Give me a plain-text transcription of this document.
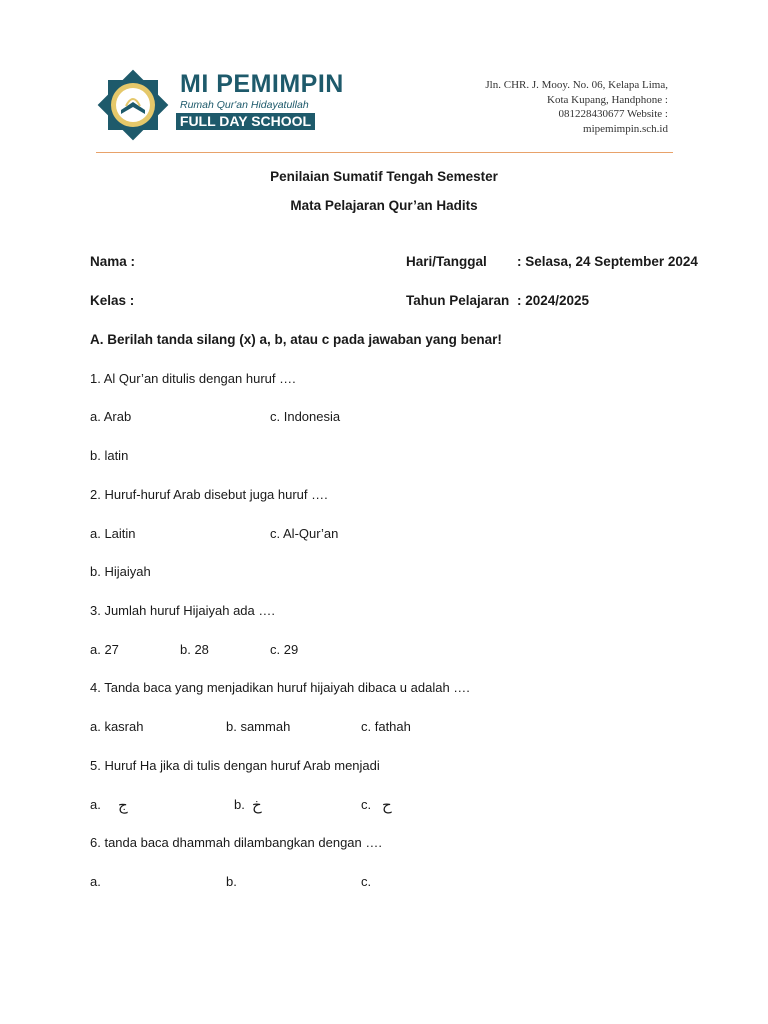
MI PEMIMPIN
Rumah Qur'an Hidayatullah
FULL DAY SCHOOL
Jln. CHR. J. Mooy. No. 06, Kelapa Lima,
Kota Kupang, Handphone :
081228430677 Website :
mipemimpin.sch.id
Penilaian Sumatif Tengah Semester
Mata Pelajaran Qur’an Hadits
Nama :	Hari/Tanggal : Selasa, 24 September 2024
Kelas :	Tahun Pelajaran : 2024/2025
A. Berilah tanda silang (x) a, b, atau c pada jawaban yang benar!
1. Al Qur’an ditulis dengan huruf ….
a. Arab	c. Indonesia
b. latin
2. Huruf-huruf Arab disebut juga huruf ….
a. Laitin	c. Al-Qur’an
b. Hijaiyah
3. Jumlah huruf Hijaiyah ada ….
a. 27	b. 28	c. 29
4. Tanda baca yang menjadikan huruf hijaiyah dibaca u adalah ….
a. kasrah	b. sammah	c. fathah
5. Huruf Ha jika di tulis dengan huruf Arab menjadi
a. ج	b. خ	c. ح
6. tanda baca dhammah dilambangkan dengan ….
a.	b.	c.
